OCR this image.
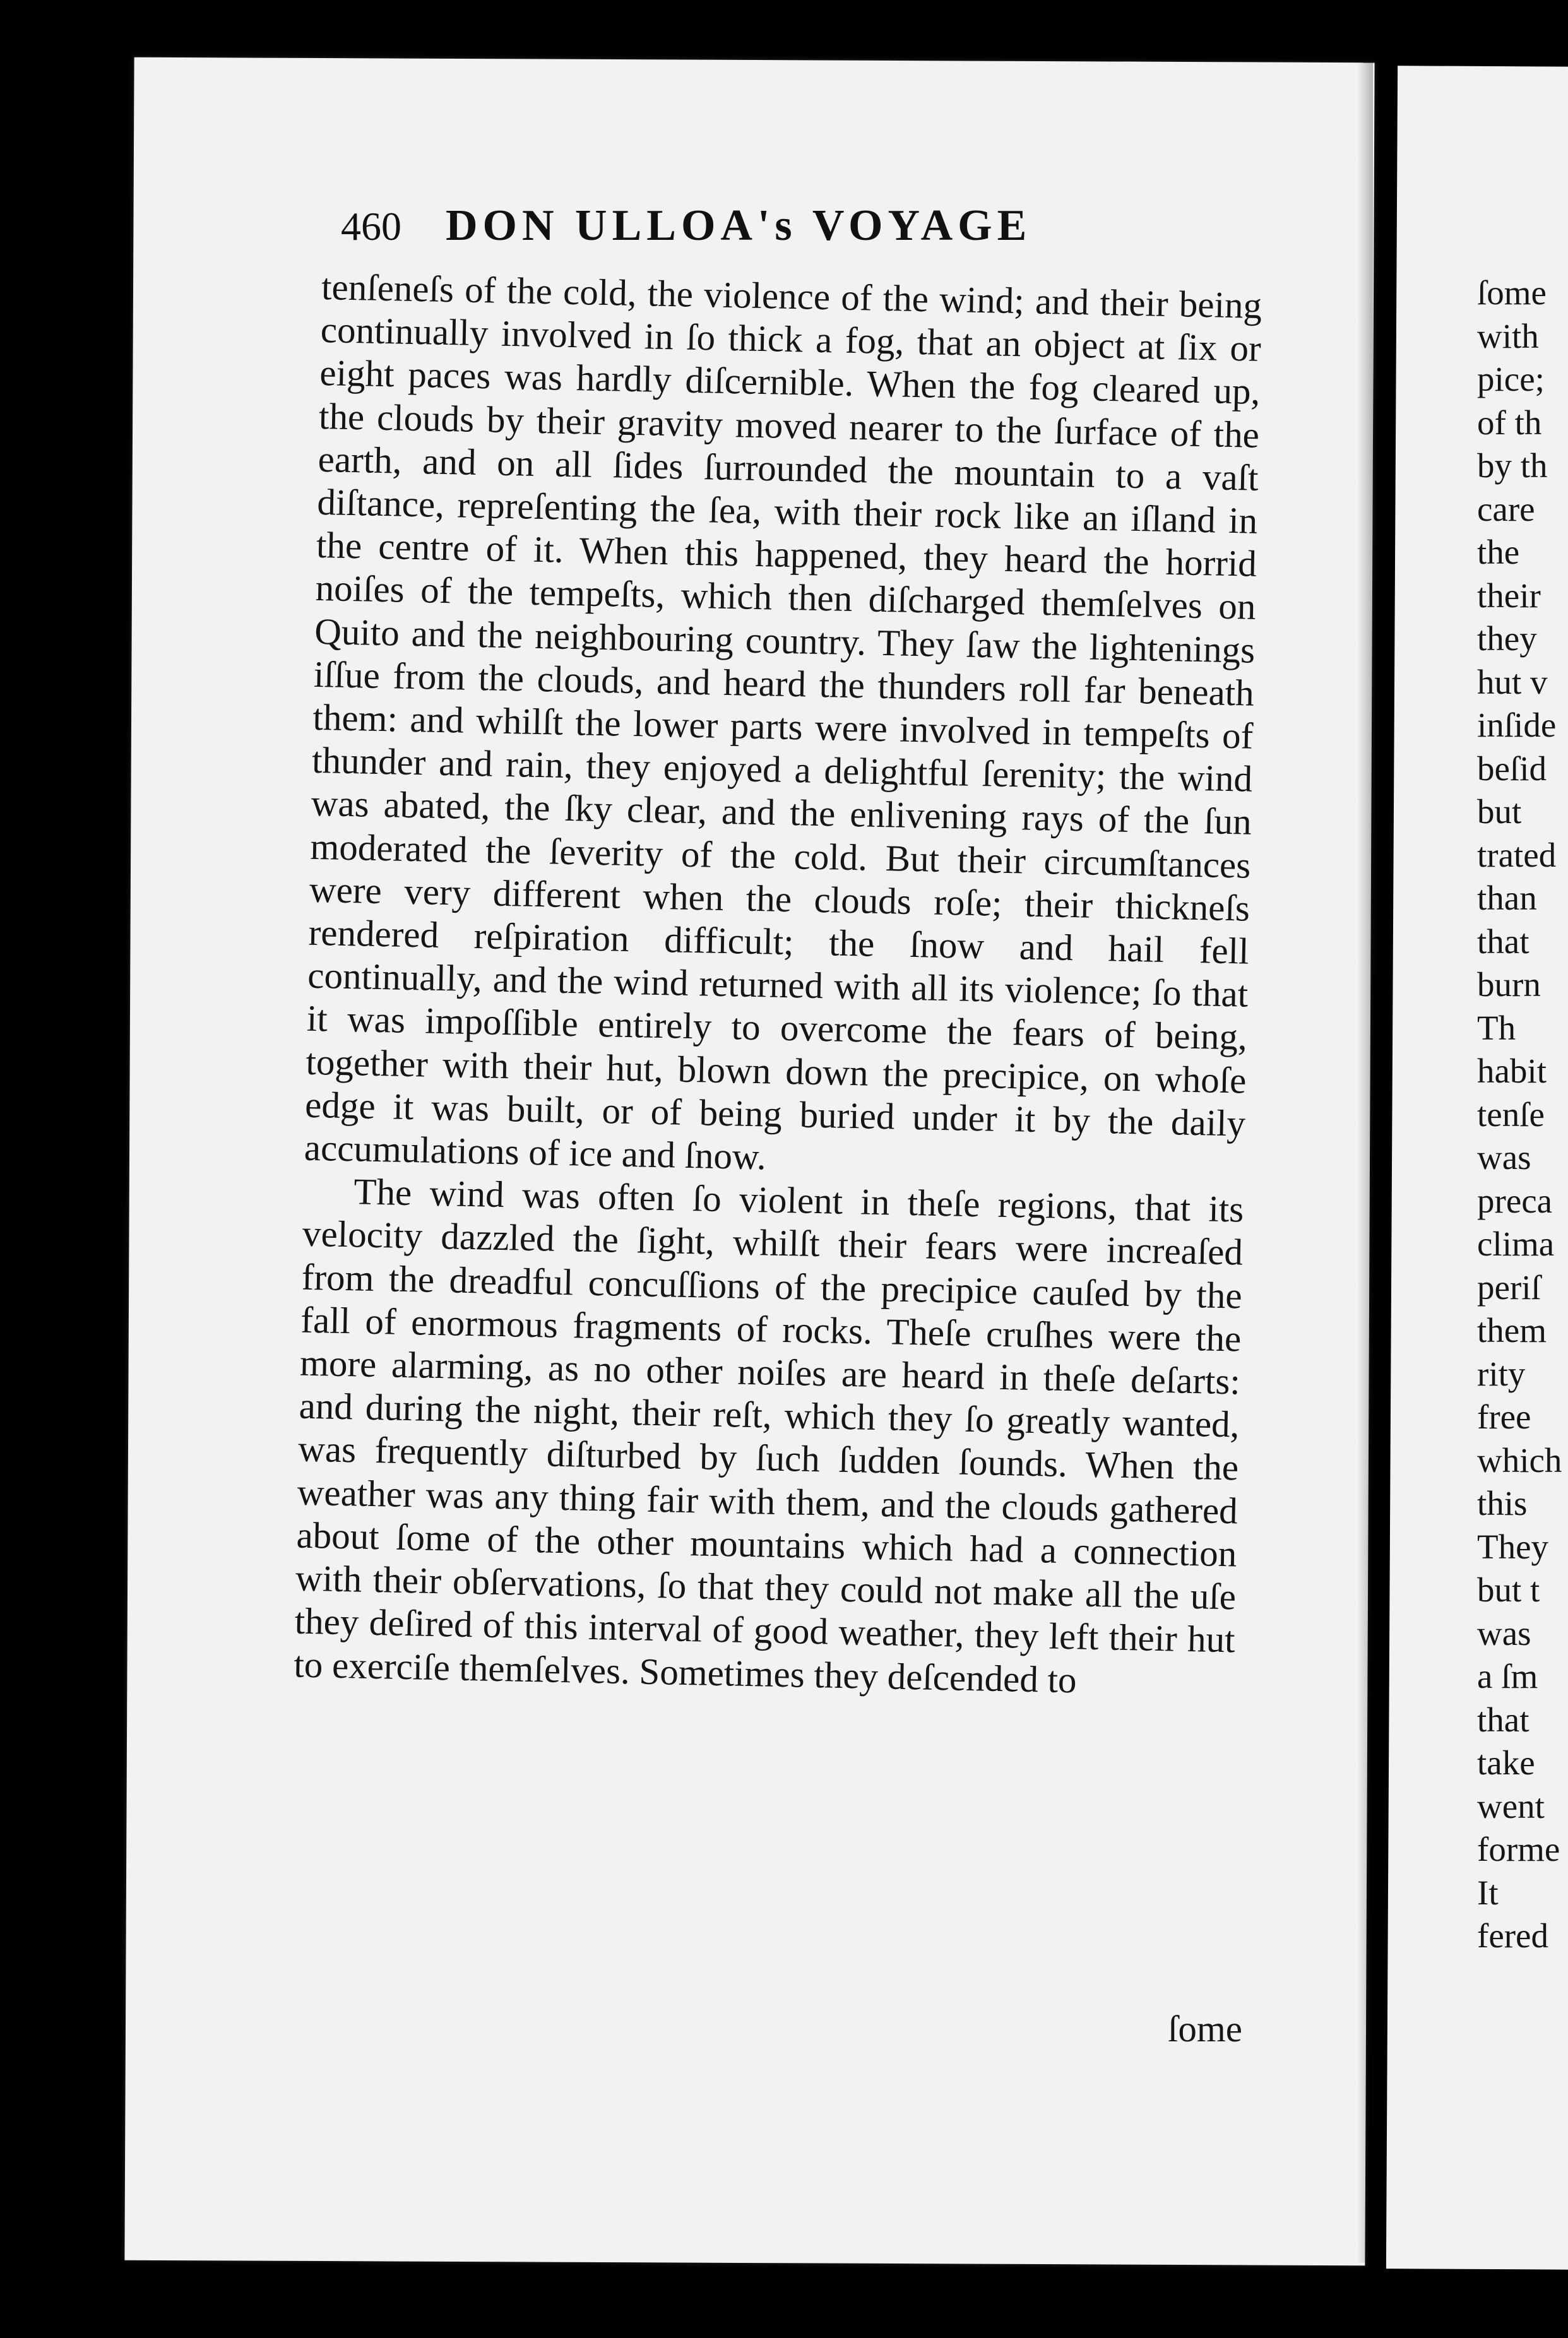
460 DON ULLOA's VOYAGE

tenſeneſs of the cold, the violence of the wind; and their being continually involved in ſo thick a fog, that an object at ſix or eight paces was hardly diſcernible. When the fog cleared up, the clouds by their gravity moved nearer to the ſurface of the earth, and on all ſides ſurrounded the mountain to a vaſt diſtance, repreſenting the ſea, with their rock like an iſland in the centre of it. When this happened, they heard the horrid noiſes of the tempeſts, which then diſcharged themſelves on Quito and the neighbouring country. They ſaw the lightenings iſſue from the clouds, and heard the thunders roll far beneath them: and whilſt the lower parts were involved in tempeſts of thunder and rain, they enjoyed a delightful ſerenity; the wind was abated, the ſky clear, and the enlivening rays of the ſun moderated the ſeverity of the cold. But their circumſtances were very different when the clouds roſe; their thickneſs rendered reſpiration difficult; the ſnow and hail fell continually, and the wind returned with all its violence; ſo that it was impoſſible entirely to overcome the fears of being, together with their hut, blown down the precipice, on whoſe edge it was built, or of being buried under it by the daily accumulations of ice and ſnow.

The wind was often ſo violent in theſe regions, that its velocity dazzled the ſight, whilſt their fears were increaſed from the dreadful concuſſions of the precipice cauſed by the fall of enormous fragments of rocks. Theſe cruſhes were the more alarming, as no other noiſes are heard in theſe deſarts: and during the night, their reſt, which they ſo greatly wanted, was frequently diſturbed by ſuch ſudden ſounds. When the weather was any thing fair with them, and the clouds gathered about ſome of the other mountains which had a connection with their obſervations, ſo that they could not make all the uſe they deſired of this interval of good weather, they left their hut to exerciſe themſelves. Sometimes they deſcended to

ſome
ſome
with
pice;
of th
by th
care
the
their
they
hut v
inſide
beſid
but
trated
than
that
burn
Th
habit
tenſe
was
preca
clima
periſ
them
rity
free
which
this
They
but t
was
a ſm
that
take
went
forme
It
fered
